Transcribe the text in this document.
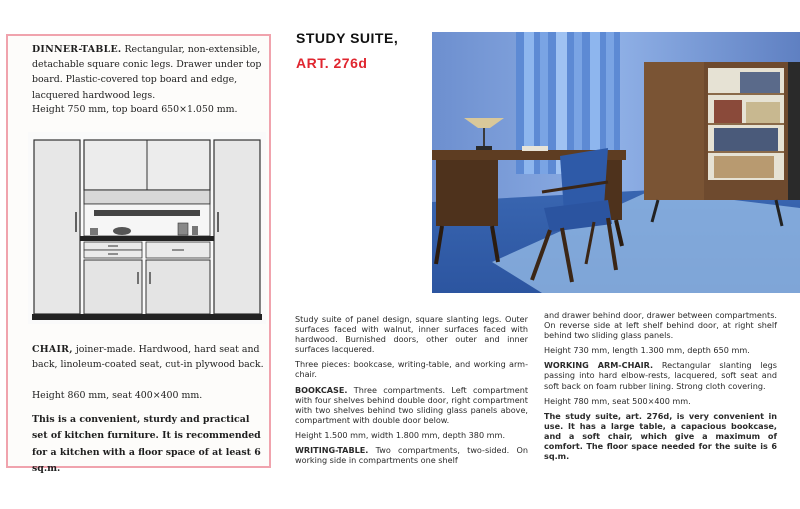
DINNER-TABLE. Rectangular, non-extensible, detachable square conic legs. Drawer under top board. Plastic-covered top board and edge, lacquered hardwood legs.
Height 750 mm, top board 650×1.050 mm.
CHAIR, joiner-made. Hardwood, hard seat and back, linoleum-coated seat, cut-in plywood back.
Height 860 mm, seat 400×400 mm.
This is a convenient, sturdy and practical set of kitchen furniture. It is recommended for a kitchen with a floor space of at least 6 sq.m.
STUDY SUITE,
ART. 276d

Study suite of panel design, square slanting legs. Outer surfaces faced with walnut, inner surfaces faced with hardwood. Burnished doors, other outer and inner surfaces lacquered.

Three pieces: bookcase, writing-table, and working arm-chair.

BOOKCASE. Three compartments. Left compartment with four shelves behind double door, right compartment with two shelves behind two sliding glass panels above, compartment with double door below.

Height 1.500 mm, width 1.800 mm, depth 380 mm.

WRITING-TABLE. Two compartments, two-sided. On working side in compartments one shelf

and drawer behind door, drawer between compartments. On reverse side at left shelf behind door, at right shelf behind two sliding glass panels.

Height 730 mm, length 1.300 mm, depth 650 mm.

WORKING ARM-CHAIR. Rectangular slanting legs passing into hard elbow-rests, lacquered, soft seat and soft back on foam rubber lining. Strong cloth covering.

Height 780 mm, seat 500×400 mm.

The study suite, art. 276d, is very convenient in use. It has a large table, a capacious bookcase, and a soft chair, which give a maximum of comfort. The floor space needed for the suite is 6 sq.m.
